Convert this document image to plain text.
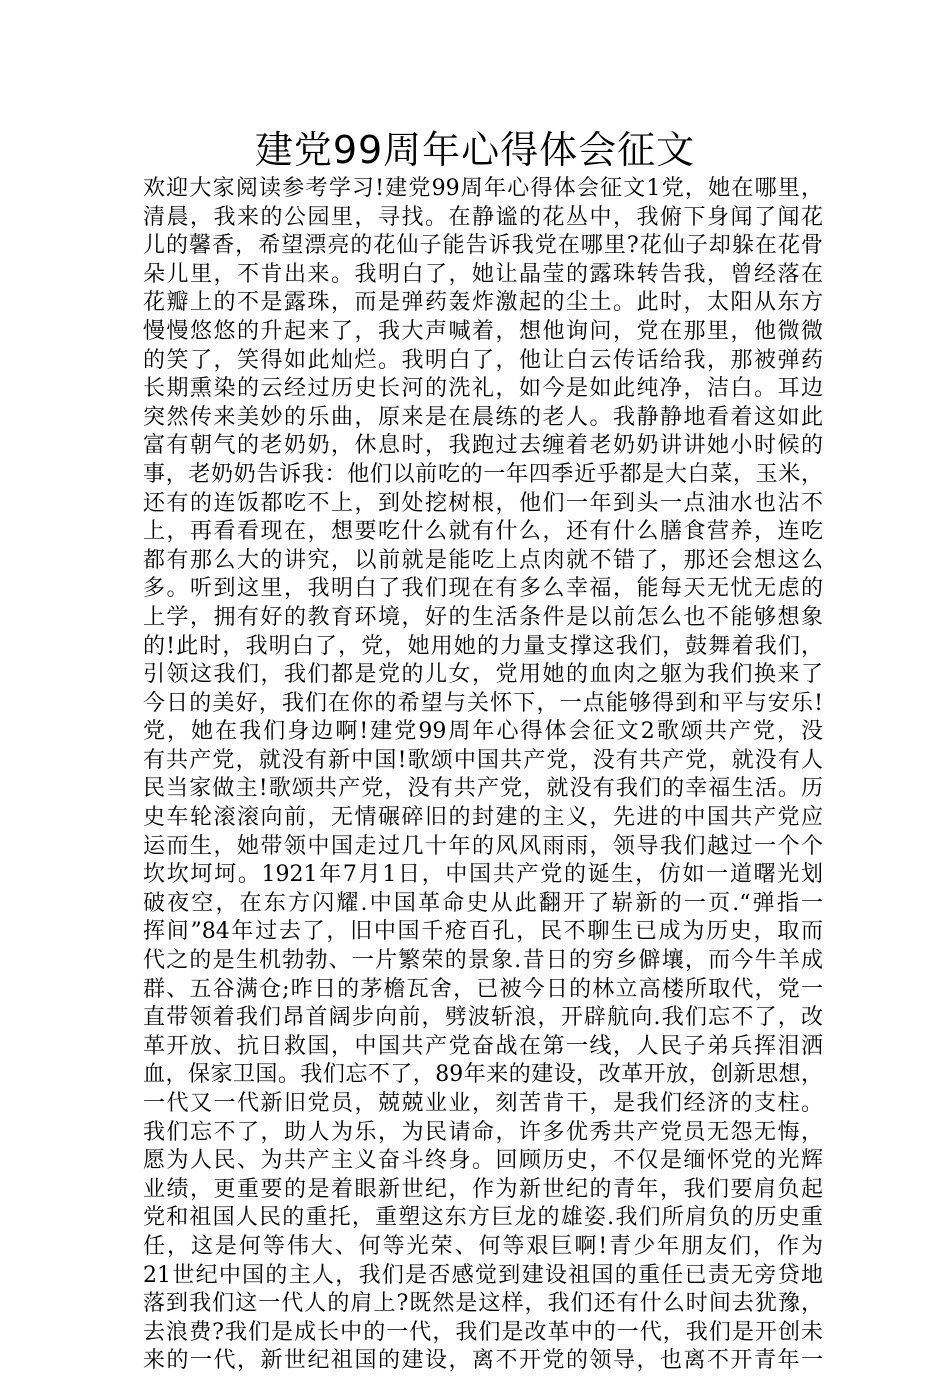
建党99周年心得体会征文
欢迎大家阅读参考学习!建党99周年心得体会征文1党，她在哪里，
清晨，我来的公园里，寻找。在静谧的花丛中，我俯下身闻了闻花
儿的馨香，希望漂亮的花仙子能告诉我党在哪里?花仙子却躲在花骨
朵儿里，不肯出来。我明白了，她让晶莹的露珠转告我，曾经落在
花瓣上的不是露珠，而是弹药轰炸激起的尘土。此时，太阳从东方
慢慢悠悠的升起来了，我大声喊着，想他询问，党在那里，他微微
的笑了，笑得如此灿烂。我明白了，他让白云传话给我，那被弹药
长期熏染的云经过历史长河的洗礼，如今是如此纯净，洁白。耳边
突然传来美妙的乐曲，原来是在晨练的老人。我静静地看着这如此
富有朝气的老奶奶，休息时，我跑过去缠着老奶奶讲讲她小时候的
事，老奶奶告诉我：他们以前吃的一年四季近乎都是大白菜，玉米，
还有的连饭都吃不上，到处挖树根，他们一年到头一点油水也沾不
上，再看看现在，想要吃什么就有什么，还有什么膳食营养，连吃
都有那么大的讲究，以前就是能吃上点肉就不错了，那还会想这么
多。听到这里，我明白了我们现在有多么幸福，能每天无忧无虑的
上学，拥有好的教育环境，好的生活条件是以前怎么也不能够想象
的!此时，我明白了，党，她用她的力量支撑这我们，鼓舞着我们，
引领这我们，我们都是党的儿女，党用她的血肉之躯为我们换来了
今日的美好，我们在你的希望与关怀下，一点能够得到和平与安乐!
党，她在我们身边啊!建党99周年心得体会征文2歌颂共产党，没
有共产党，就没有新中国!歌颂中国共产党，没有共产党，就没有人
民当家做主!歌颂共产党，没有共产党，就没有我们的幸福生活。历
史车轮滚滚向前，无情碾碎旧的封建的主义，先进的中国共产党应
运而生，她带领中国走过几十年的风风雨雨，领导我们越过一个个
坎坎坷坷。1921年7月1日，中国共产党的诞生，仿如一道曙光划
破夜空，在东方闪耀.中国革命史从此翻开了崭新的一页.“弹指一
挥间”84年过去了，旧中国千疮百孔，民不聊生已成为历史，取而
代之的是生机勃勃、一片繁荣的景象.昔日的穷乡僻壤，而今牛羊成
群、五谷满仓;昨日的茅檐瓦舍，已被今日的林立高楼所取代，党一
直带领着我们昂首阔步向前，劈波斩浪，开辟航向.我们忘不了，改
革开放、抗日救国，中国共产党奋战在第一线，人民子弟兵挥泪洒
血，保家卫国。我们忘不了，89年来的建设，改革开放，创新思想，
一代又一代新旧党员，兢兢业业，刻苦肯干，是我们经济的支柱。
我们忘不了，助人为乐，为民请命，许多优秀共产党员无怨无悔，
愿为人民、为共产主义奋斗终身。回顾历史，不仅是缅怀党的光辉
业绩，更重要的是着眼新世纪，作为新世纪的青年，我们要肩负起
党和祖国人民的重托，重塑这东方巨龙的雄姿.我们所肩负的历史重
任，这是何等伟大、何等光荣、何等艰巨啊!青少年朋友们，作为
21世纪中国的主人，我们是否感觉到建设祖国的重任已责无旁贷地
落到我们这一代人的肩上?既然是这样，我们还有什么时间去犹豫，
去浪费?我们是成长中的一代，我们是改革中的一代，我们是开创未
来的一代，新世纪祖国的建设，离不开党的领导，也离不开青年一
